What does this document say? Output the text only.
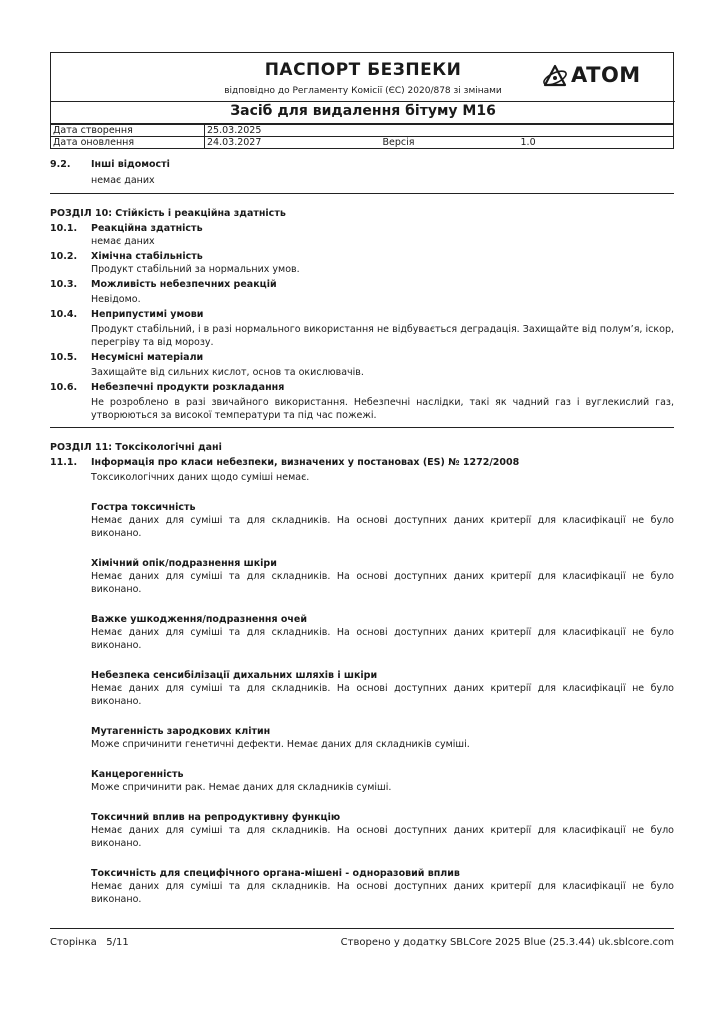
ПАСПОРТ БЕЗПЕКИ
відповідно до Регламенту Комісії (ЄС) 2020/878 зі змінами
ATOM
Засіб для видалення бітуму M16
Дата створення	25.03.2025		
Дата оновлення	24.03.2027	Версія	1.0
9.2.	Інші відомості
немає даних
РОЗДІЛ 10: Стійкість і реакційна здатність
10.1.	Реакційна здатність
немає даних
10.2.	Хімічна стабільність
Продукт стабільний за нормальних умов.
10.3.	Можливість небезпечних реакцій
Невідомо.
10.4.	Неприпустимі умови
Продукт стабільний, і в разі нормального використання не відбувається деградація. Захищайте від полум’я, іскор, перегріву та від морозу.
10.5.	Несумісні матеріали
Захищайте від сильних кислот, основ та окислювачів.
10.6.	Небезпечні продукти розкладання
Не розроблено в разі звичайного використання. Небезпечні наслідки, такі як чадний газ і вуглекислий газ, утворюються за високої температури та під час пожежі.
РОЗДІЛ 11: Токсікологічні дані
11.1.	Інформація про класи небезпеки, визначених у постановах (ES) № 1272/2008
Токсикологічних даних щодо суміші немає.
Гостра токсичність
Немає даних для суміші та для складників. На основі доступних даних критерії для класифікації не було виконано.
Хімічний опік/подразнення шкіри
Немає даних для суміші та для складників. На основі доступних даних критерії для класифікації не було виконано.
Важке ушкодження/подразнення очей
Немає даних для суміші та для складників. На основі доступних даних критерії для класифікації не було виконано.
Небезпека сенсибілізації дихальних шляхів і шкіри
Немає даних для суміші та для складників. На основі доступних даних критерії для класифікації не було виконано.
Мутагенність зародкових клітин
Може спричинити генетичні дефекти. Немає даних для складників суміші.
Канцерогенність
Може спричинити рак. Немає даних для складників суміші.
Токсичний вплив на репродуктивну функцію
Немає даних для суміші та для складників. На основі доступних даних критерії для класифікації не було виконано.
Токсичність для специфічного органа-мішені - одноразовий вплив
Немає даних для суміші та для складників. На основі доступних даних критерії для класифікації не було виконано.
Сторінка   5/11	Створено у додатку SBLCore 2025 Blue (25.3.44) uk.sblcore.com
